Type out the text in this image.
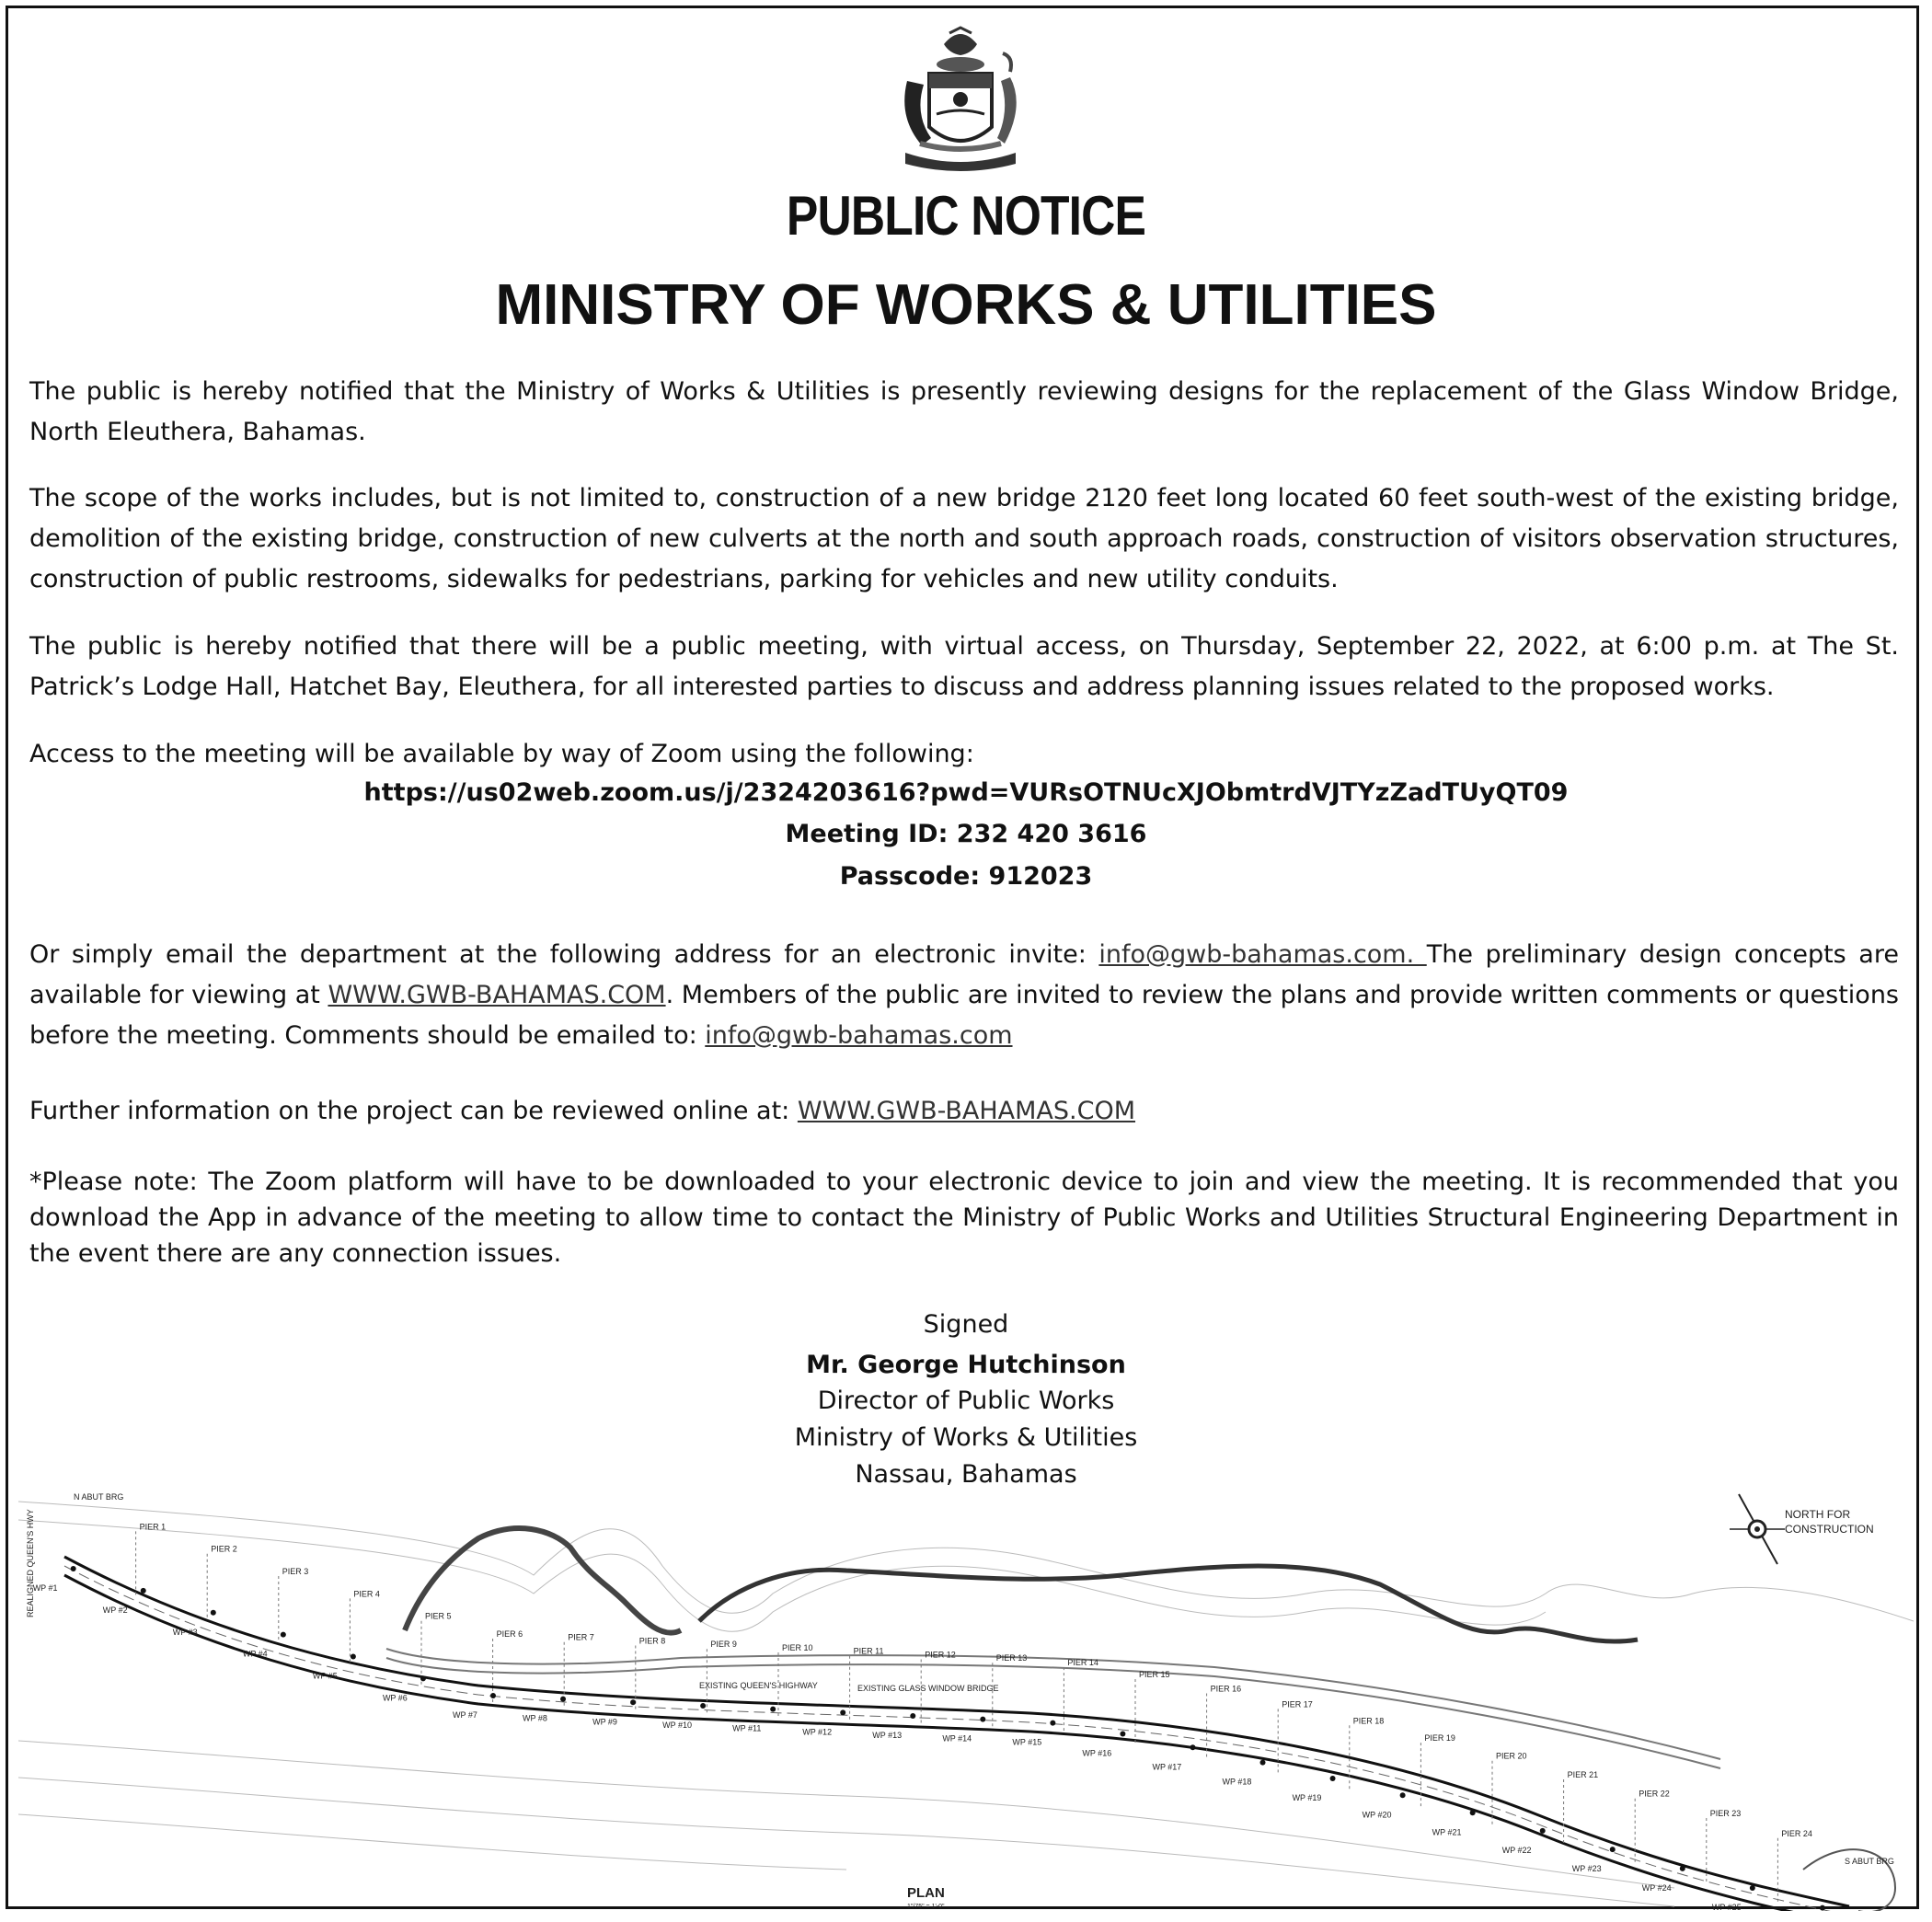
PUBLIC NOTICE
MINISTRY OF WORKS & UTILITIES

The public is hereby notified that the Ministry of Works & Utilities is presently reviewing designs for the replacement of the Glass Window Bridge, North Eleuthera, Bahamas.

The scope of the works includes, but is not limited to, construction of a new bridge 2120 feet long located 60 feet south-west of the existing bridge, demolition of the existing bridge, construction of new culverts at the north and south approach roads, construction of visitors observation structures, construction of public restrooms, sidewalks for pedestrians, parking for vehicles and new utility conduits.

The public is hereby notified that there will be a public meeting, with virtual access, on Thursday, September 22, 2022, at 6:00 p.m. at The St. Patrick’s Lodge Hall, Hatchet Bay, Eleuthera, for all interested parties to discuss and address planning issues related to the proposed works.

Access to the meeting will be available by way of Zoom using the following:

https://us02web.zoom.us/j/2324203616?pwd=VURsOTNUcXJObmtrdVJTYzZadTUyQT09
Meeting ID: 232 420 3616
Passcode: 912023

Or simply email the department at the following address for an electronic invite: info@gwb-bahamas.com. The preliminary design concepts are available for viewing at WWW.GWB-BAHAMAS.COM. Members of the public are invited to review the plans and provide written comments or questions before the meeting. Comments should be emailed to: info@gwb-bahamas.com

Further information on the project can be reviewed online at: WWW.GWB-BAHAMAS.COM

*Please note: The Zoom platform will have to be downloaded to your electronic device to join and view the meeting. It is recommended that you download the App in advance of the meeting to allow time to contact the Ministry of Public Works and Utilities Structural Engineering Department in the event there are any connection issues.

Signed
Mr. George Hutchinson
Director of Public Works
Ministry of Works & Utilities
Nassau, Bahamas
N ABUT BRG
REALIGNED QUEEN'S HWY
EXISTING QUEEN'S HIGHWAY	EXISTING GLASS WINDOW BRIDGE
S ABUT BRG
PIER 1
PIER 2
PIER 3
PIER 4
PIER 5
PIER 6	PIER 7	PIER 8	PIER 9	PIER 10	PIER 11	PIER 12	PIER 13	PIER 14
PIER 15
PIER 16
PIER 17
PIER 18
PIER 19
PIER 20
PIER 21
PIER 22
PIER 23
PIER 24
WP #1
WP #2
WP #3
WP #4
WP #5
WP #6
WP #7	WP #8	WP #9	WP #10	WP #11	WP #12	WP #13	WP #14	WP #15
WP #16
WP #17
WP #18
WP #19
WP #20
WP #21
WP #22
WP #23
WP #24
WP #25
NORTH FOR
CONSTRUCTION
PLAN
1"/75" = 1'-0"
